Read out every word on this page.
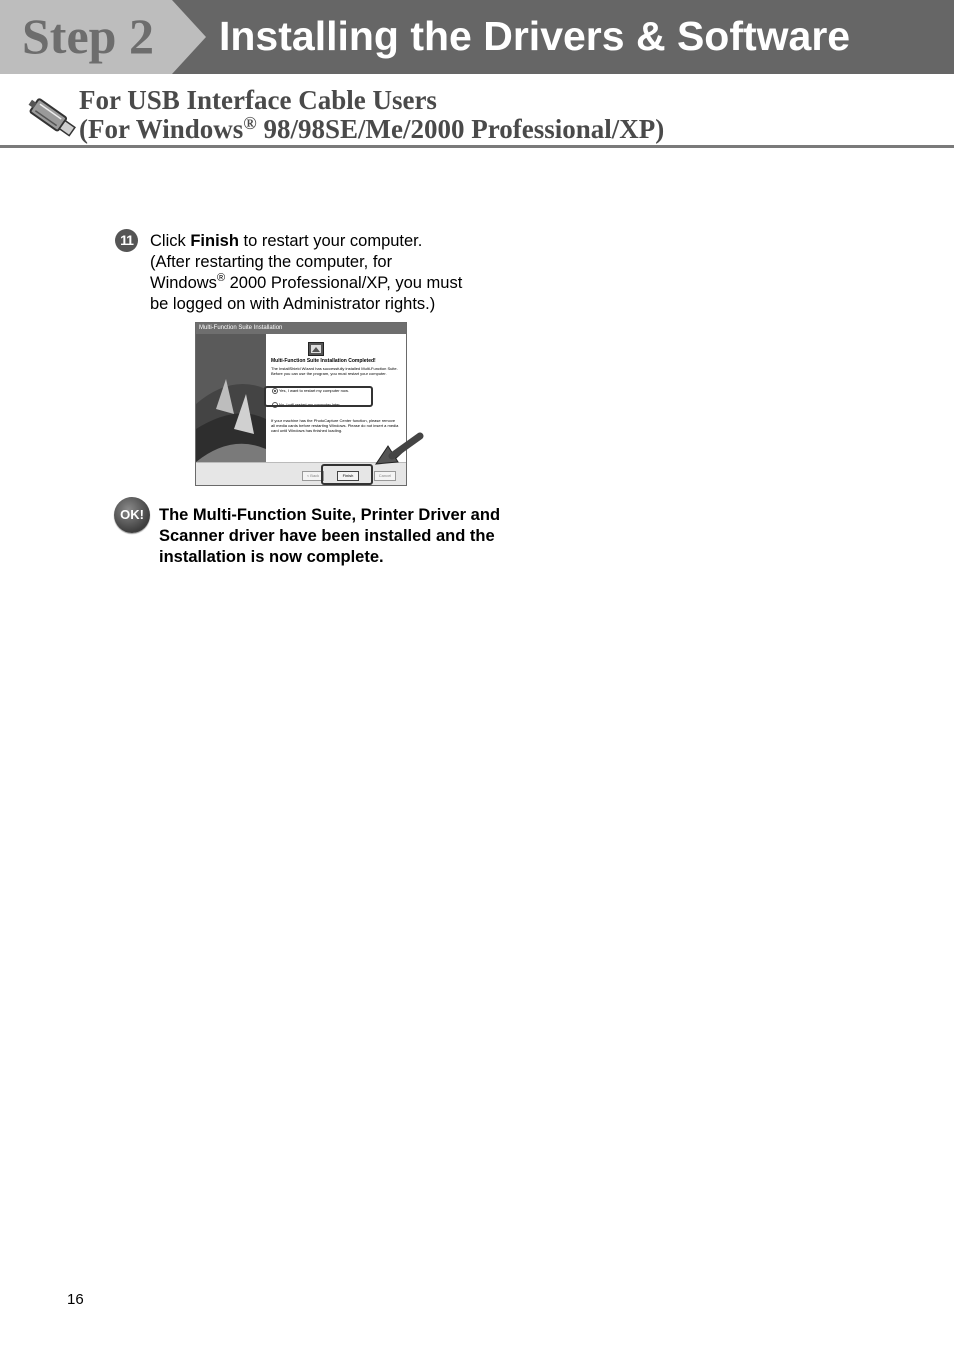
Step 2 Installing the Drivers & Software
For USB Interface Cable Users
(For Windows® 98/98SE/Me/2000 Professional/XP)
11	Click Finish to restart your computer.
(After restarting the computer, for
Windows® 2000 Professional/XP, you must
be logged on with Administrator rights.)
Multi-Function Suite Installation
Multi-Function Suite Installation Completed!
The InstallShield Wizard has successfully installed Multi-Function Suite. Before you can use the program, you must restart your computer.
Yes, I want to restart my computer now.
No, I will restart my computer later.
If your machine has the PhotoCapture Center function, please remove all media cards before restarting Windows. Please do not insert a media card until Windows has finished loading.
< Back	Finish	Cancel
OK! The Multi-Function Suite, Printer Driver and Scanner driver have been installed and the installation is now complete.
16
